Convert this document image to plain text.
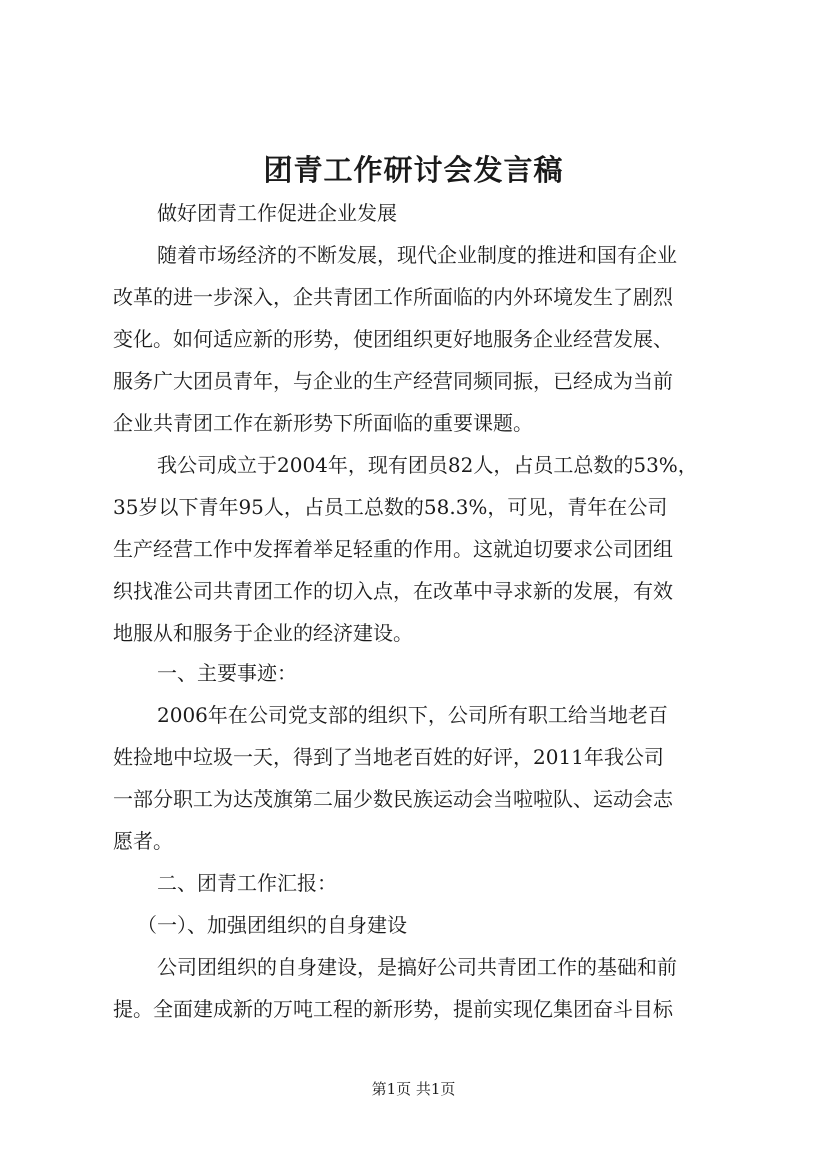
团青工作研讨会发言稿
做好团青工作促进企业发展
随着市场经济的不断发展，现代企业制度的推进和国有企业
改革的进一步深入，企共青团工作所面临的内外环境发生了剧烈
变化。如何适应新的形势，使团组织更好地服务企业经营发展、
服务广大团员青年，与企业的生产经营同频同振，已经成为当前
企业共青团工作在新形势下所面临的重要课题。
我公司成立于2004年，现有团员82人，占员工总数的53%，
35岁以下青年95人，占员工总数的58.3%，可见，青年在公司
生产经营工作中发挥着举足轻重的作用。这就迫切要求公司团组
织找准公司共青团工作的切入点，在改革中寻求新的发展，有效
地服从和服务于企业的经济建设。
一、主要事迹：
2006年在公司党支部的组织下，公司所有职工给当地老百
姓捡地中垃圾一天，得到了当地老百姓的好评，2011年我公司
一部分职工为达茂旗第二届少数民族运动会当啦啦队、运动会志
愿者。
二、团青工作汇报：
（一）、加强团组织的自身建设
公司团组织的自身建设，是搞好公司共青团工作的基础和前
提。全面建成新的万吨工程的新形势，提前实现亿集团奋斗目标
第1页 共1页
